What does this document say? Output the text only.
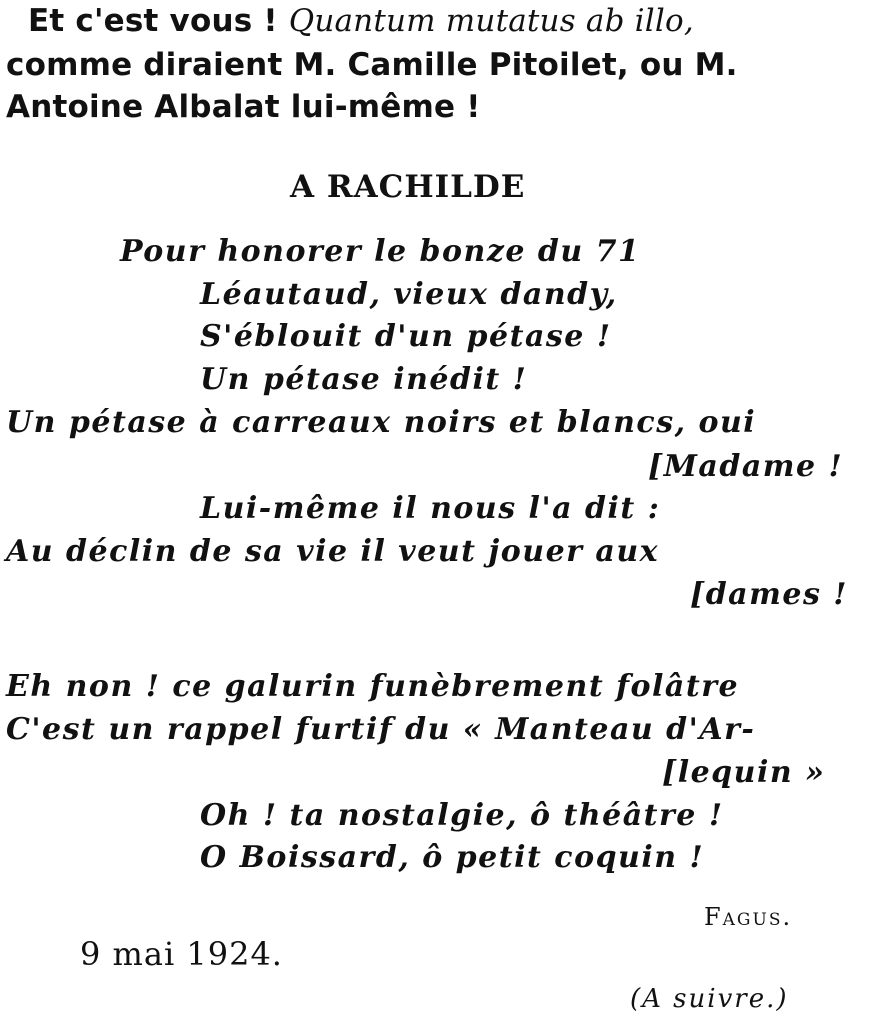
Et c'est vous ! Quantum mutatus ab illo,
comme diraient M. Camille Pitoilet, ou M.
Antoine Albalat lui-même !
A RACHILDE
Pour honorer le bonze du 71
Léautaud, vieux dandy,
S'éblouit d'un pétase !
Un pétase inédit !
Un pétase à carreaux noirs et blancs, oui
[Madame !
Lui-même il nous l'a dit :
Au déclin de sa vie il veut jouer aux
[dames !
Eh non ! ce galurin funèbrement folâtre
C'est un rappel furtif du « Manteau d'Ar-
[lequin »
Oh ! ta nostalgie, ô théâtre !
O Boissard, ô petit coquin !
Fagus.
9 mai 1924.
(A suivre.)
